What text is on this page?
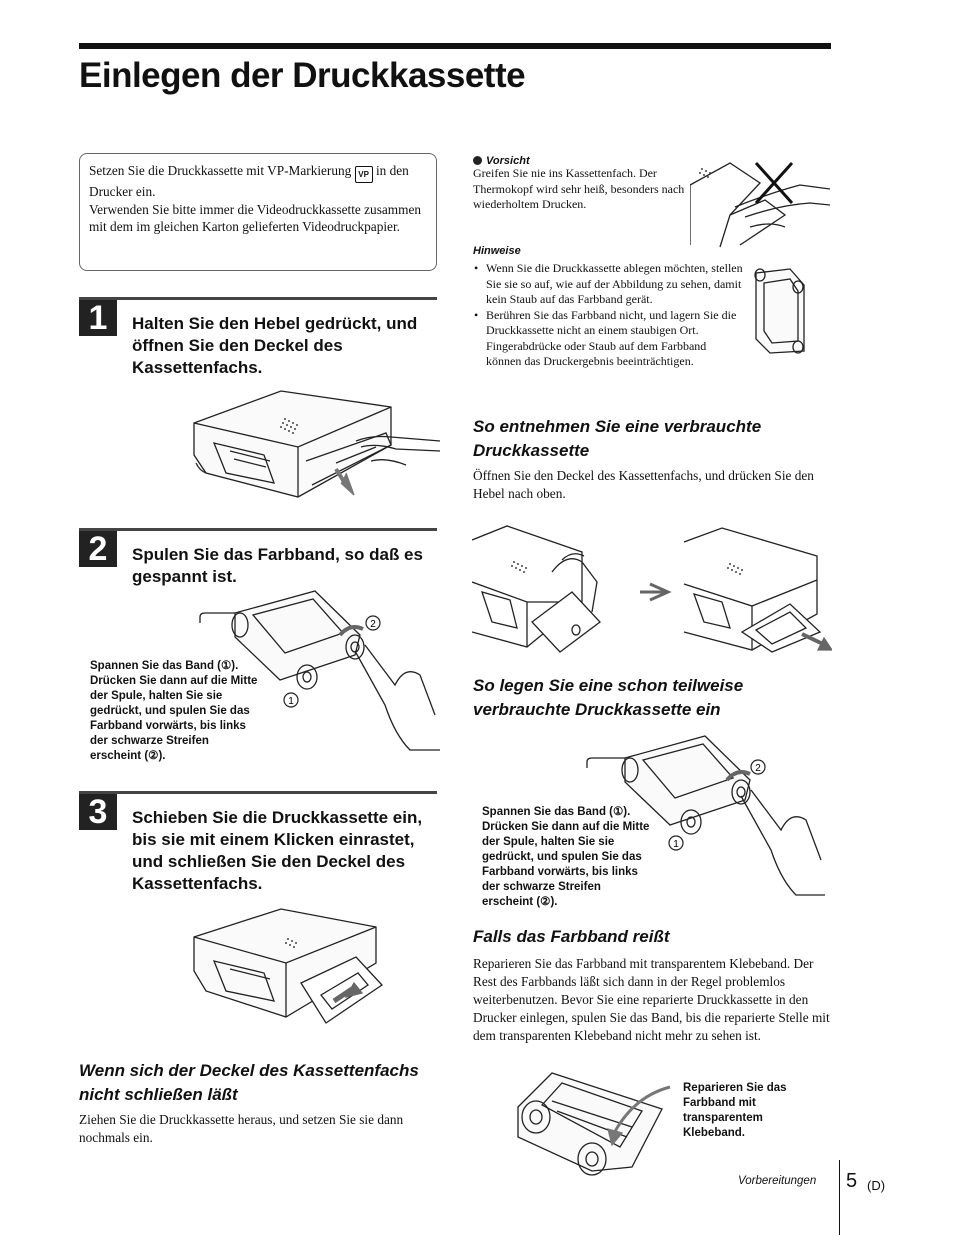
Einlegen der Druckkassette

Setzen Sie die Druckkassette mit VP-Markierung VP in den Drucker ein.

Verwenden Sie bitte immer die Videodruckkassette zusammen mit dem im gleichen Karton gelieferten Videodruckpapier.

1	Halten Sie den Hebel gedrückt, und öffnen Sie den Deckel des Kassettenfachs.
2	Spulen Sie das Farbband, so daß es gespannt ist.
2
1
Spannen Sie das Band (①). Drücken Sie dann auf die Mitte der Spule, halten Sie sie gedrückt, und spulen Sie das Farbband vorwärts, bis links der schwarze Streifen erscheint (②).
3	Schieben Sie die Druckkassette ein, bis sie mit einem Klicken einrastet, und schließen Sie den Deckel des Kassettenfachs.
Wenn sich der Deckel des Kassettenfachs nicht schließen läßt
Ziehen Sie die Druckkassette heraus, und setzen Sie sie dann nochmals ein.
Vorsicht
Greifen Sie nie ins Kassettenfach. Der Thermokopf wird sehr heiß, besonders nach wiederholtem Drucken.
Hinweise
• Wenn Sie die Druckkassette ablegen möchten, stellen Sie sie so auf, wie auf der Abbildung zu sehen, damit kein Staub auf das Farbband gerät.
• Berühren Sie das Farbband nicht, und lagern Sie die Druckkassette nicht an einem staubigen Ort. Fingerabdrücke oder Staub auf dem Farbband können das Druckergebnis beeinträchtigen.
So entnehmen Sie eine verbrauchte Druckkassette
Öffnen Sie den Deckel des Kassettenfachs, und drücken Sie den Hebel nach oben.
So legen Sie eine schon teilweise verbrauchte Druckkassette ein
2
1
Spannen Sie das Band (①). Drücken Sie dann auf die Mitte der Spule, halten Sie sie gedrückt, und spulen Sie das Farbband vorwärts, bis links der schwarze Streifen erscheint (②).
Falls das Farbband reißt
Reparieren Sie das Farbband mit transparentem Klebeband. Der Rest des Farbbands läßt sich dann in der Regel problemlos weiterbenutzen. Bevor Sie eine reparierte Druckkassette in den Drucker einlegen, spulen Sie das Band, bis die reparierte Stelle mit dem transparenten Klebeband nicht mehr zu sehen ist.
Reparieren Sie das Farbband mit transparentem Klebeband.
Vorbereitungen 5 (D)
